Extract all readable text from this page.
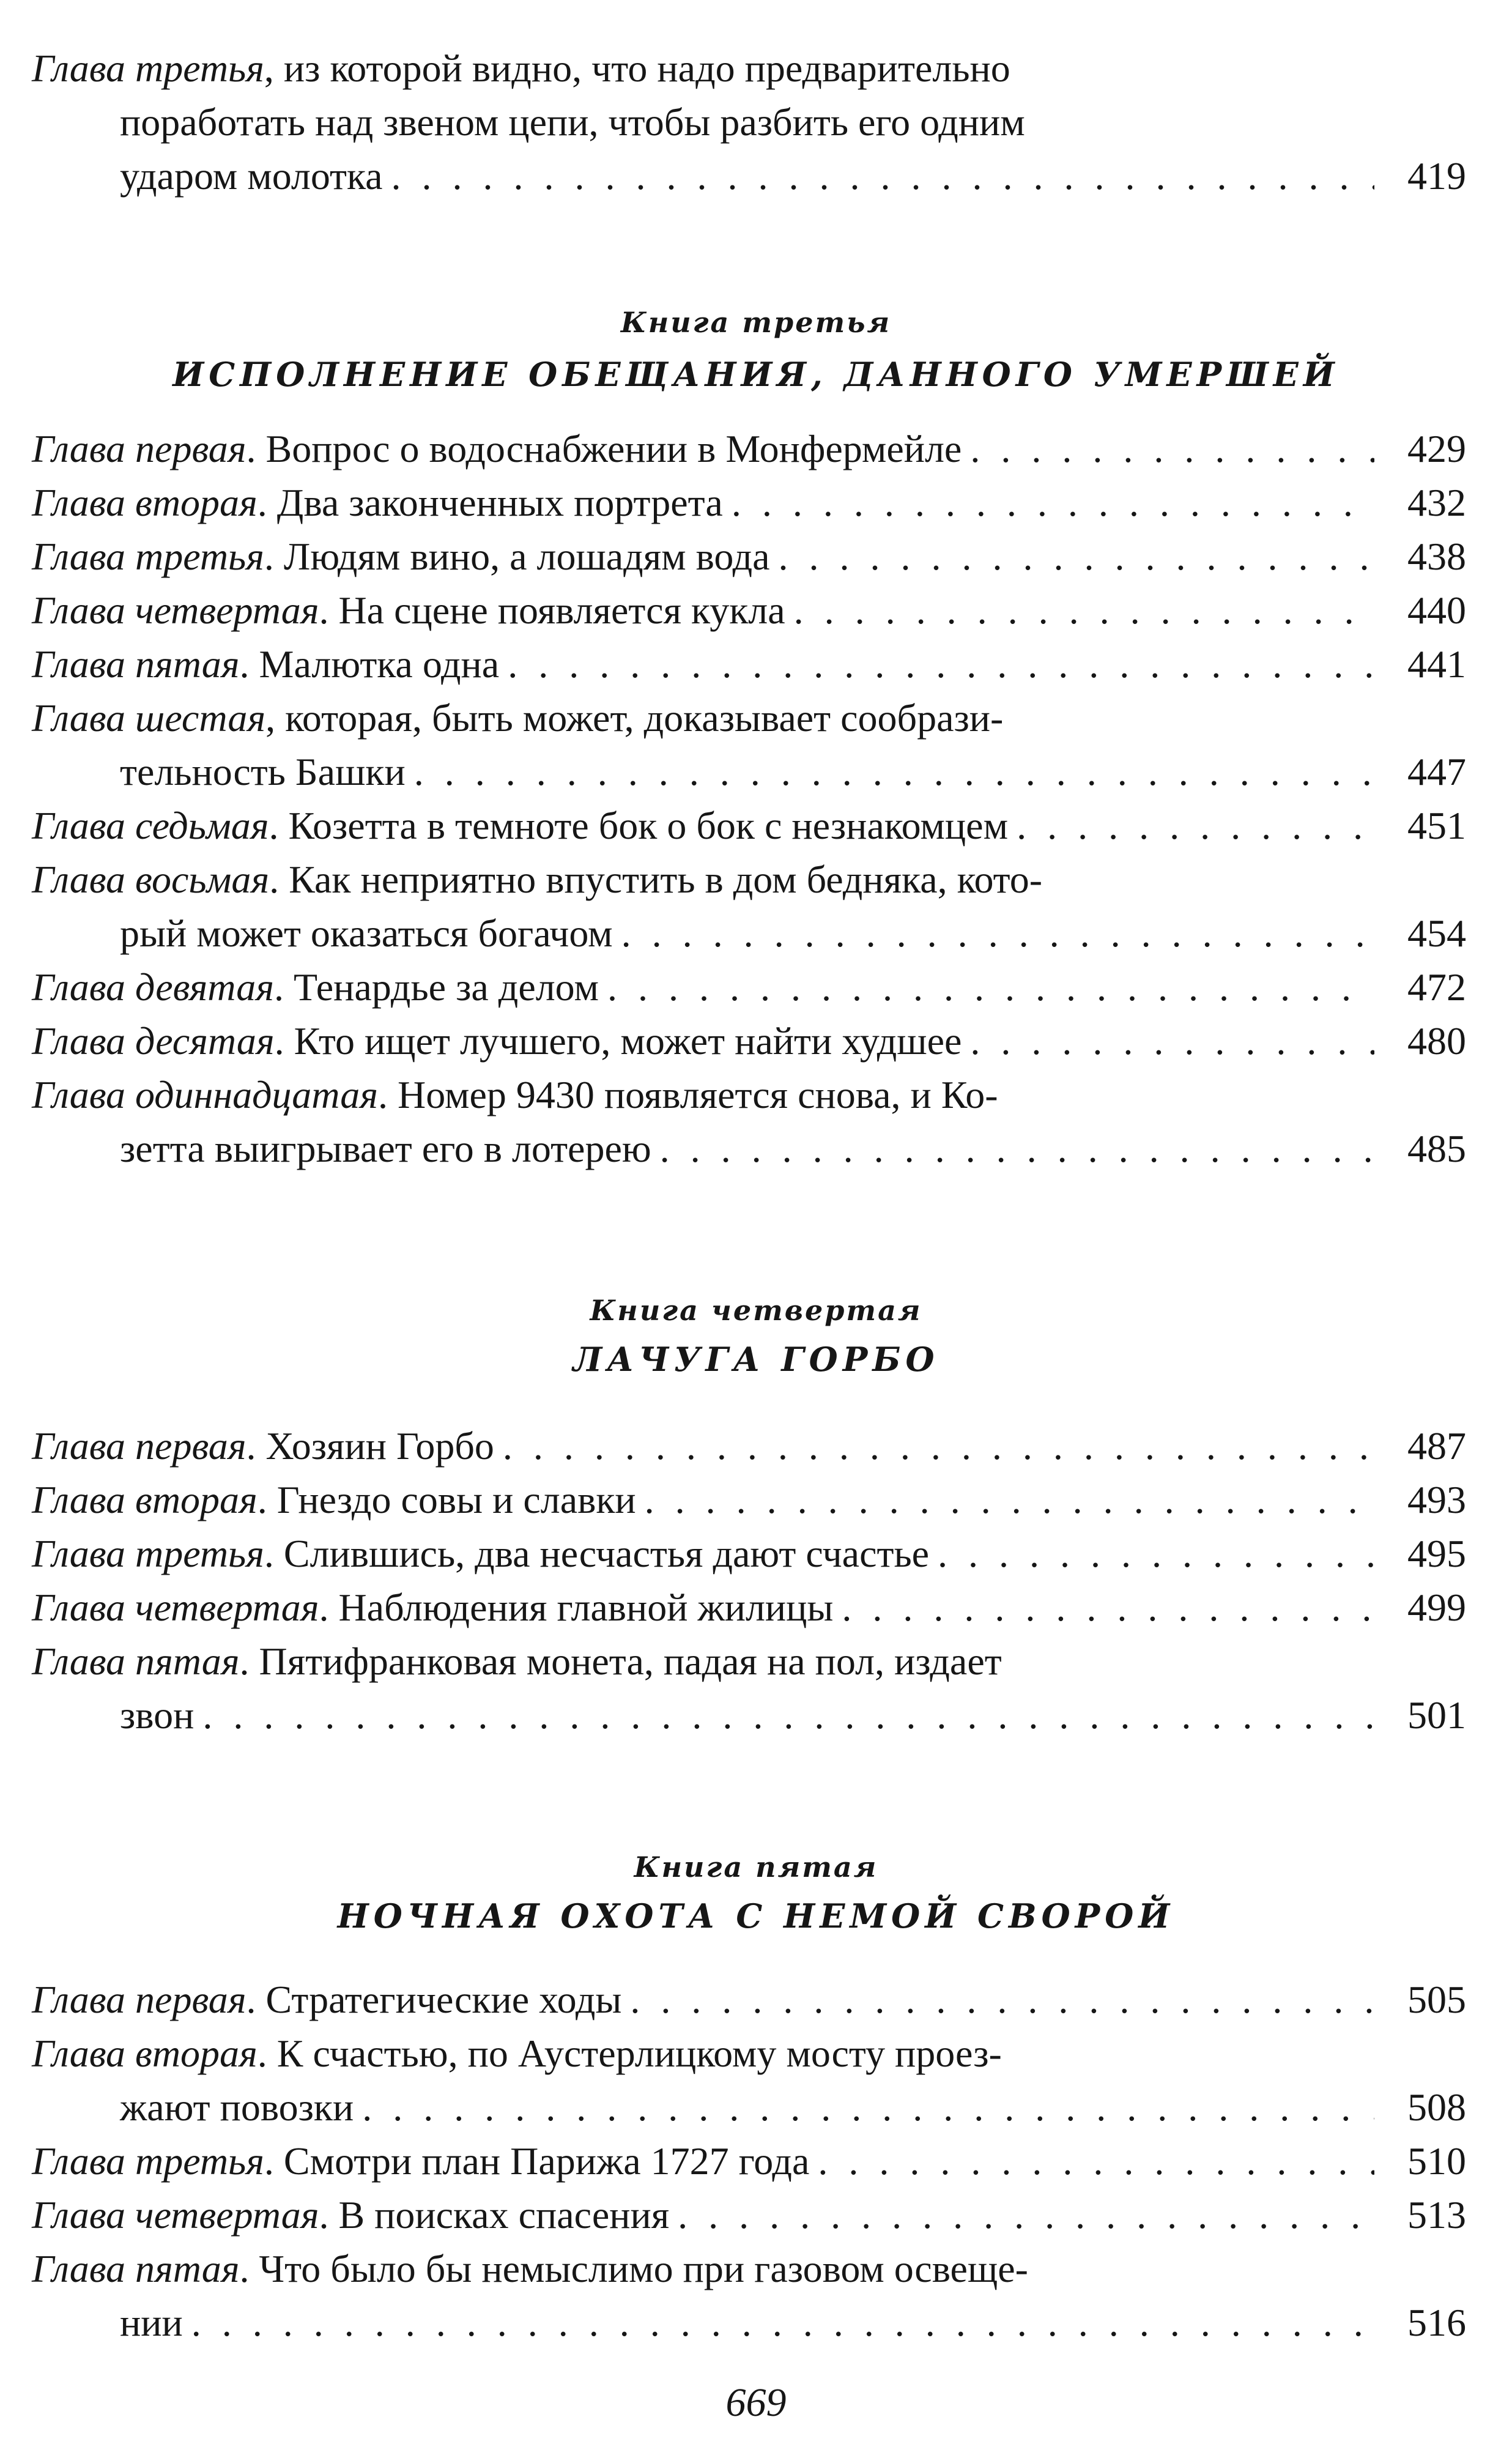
Глава третья, из которой видно, что надо предварительно
поработать над звеном цепи, чтобы разбить его одним
ударом молотка . . .	419
Книга третья
ИСПОЛНЕНИЕ ОБЕЩАНИЯ, ДАННОГО УМЕРШЕЙ
Глава первая. Вопрос о водоснабжении в Монфермейле . . .	429
Глава вторая. Два законченных портрета . . .	432
Глава третья. Людям вино, а лошадям вода . . .	438
Глава четвертая. На сцене появляется кукла . . .	440
Глава пятая. Малютка одна . . .	441
Глава шестая, которая, быть может, доказывает сообрази-
тельность Башки . . .	447
Глава седьмая. Козетта в темноте бок о бок с незнакомцем . . .	451
Глава восьмая. Как неприятно впустить в дом бедняка, кото-
рый может оказаться богачом . . .	454
Глава девятая. Тенардье за делом . . .	472
Глава десятая. Кто ищет лучшего, может найти худшее . . .	480
Глава одиннадцатая. Номер 9430 появляется снова, и Ко-
зетта выигрывает его в лотерею . . .	485
Книга четвертая
ЛАЧУГА ГОРБО
Глава первая. Хозяин Горбо . . .	487
Глава вторая. Гнездо совы и славки . . .	493
Глава третья. Слившись, два несчастья дают счастье . . .	495
Глава четвертая. Наблюдения главной жилицы . . .	499
Глава пятая. Пятифранковая монета, падая на пол, издает
звон . . .	501
Книга пятая
НОЧНАЯ ОХОТА С НЕМОЙ СВОРОЙ
Глава первая. Стратегические ходы . . .	505
Глава вторая. К счастью, по Аустерлицкому мосту проез-
жают повозки . . .	508
Глава третья. Смотри план Парижа 1727 года . . .	510
Глава четвертая. В поисках спасения . . .	513
Глава пятая. Что было бы немыслимо при газовом освеще-
нии . . .	516
669
